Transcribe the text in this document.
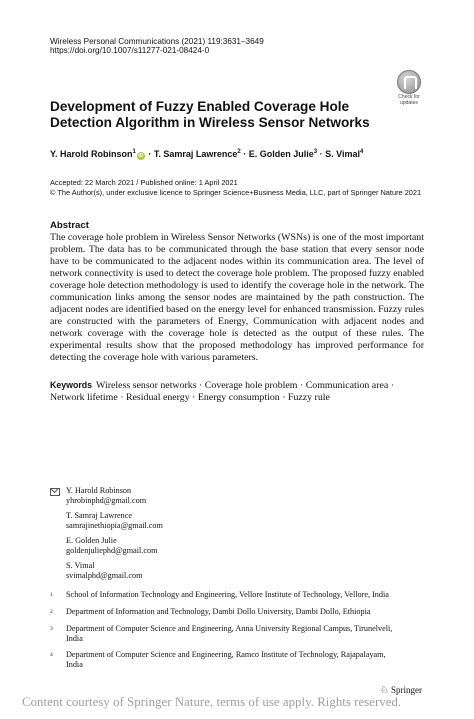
Wireless Personal Communications (2021) 119:3631–3649
https://doi.org/10.1007/s11277-021-08424-0
Check for
updates
Development of Fuzzy Enabled Coverage Hole Detection Algorithm in Wireless Sensor Networks
Y. Harold Robinson$^1$iD · T. Samraj Lawrence$^2$ · E. Golden Julie$^3$ · S. Vimal$^4$
Accepted: 22 March 2021 / Published online: 1 April 2021
© The Author(s), under exclusive licence to Springer Science+Business Media, LLC, part of Springer Nature 2021
Abstract
The coverage hole problem in Wireless Sensor Networks (WSNs) is one of the most important problem. The data has to be communicated through the base station that every sensor node have to be communicated to the adjacent nodes within its communication area. The level of network connectivity is used to detect the coverage hole problem. The proposed fuzzy enabled coverage hole detection methodology is used to identify the coverage hole in the network. The communication links among the sensor nodes are maintained by the path construction. The adjacent nodes are identified based on the energy level for enhanced transmission. Fuzzy rules are constructed with the parameters of Energy, Communication with adjacent nodes and network coverage with the coverage hole is detected as the output of these rules. The experimental results show that the proposed methodology has improved performance for detecting the coverage hole with various parameters.
Keywords Wireless sensor networks · Coverage hole problem · Communication area · Network lifetime · Residual energy · Energy consumption · Fuzzy rule
Y. Harold Robinson
yhrobinphd@gmail.com
T. Samraj Lawrence
samrajinethiopia@gmail.com
E. Golden Julie
goldenjuliephd@gmail.com
S. Vimal
svimalphd@gmail.com
1 School of Information Technology and Engineering, Vellore Institute of Technology, Vellore, India
2 Department of Information and Technology, Dambi Dollo University, Dambi Dollo, Ethiopia
3 Department of Computer Science and Engineering, Anna University Regional Campus, Tirunelveli, India
4 Department of Computer Science and Engineering, Ramco Institute of Technology, Rajapalayam, India
♘ Springer
Content courtesy of Springer Nature, terms of use apply. Rights reserved.
